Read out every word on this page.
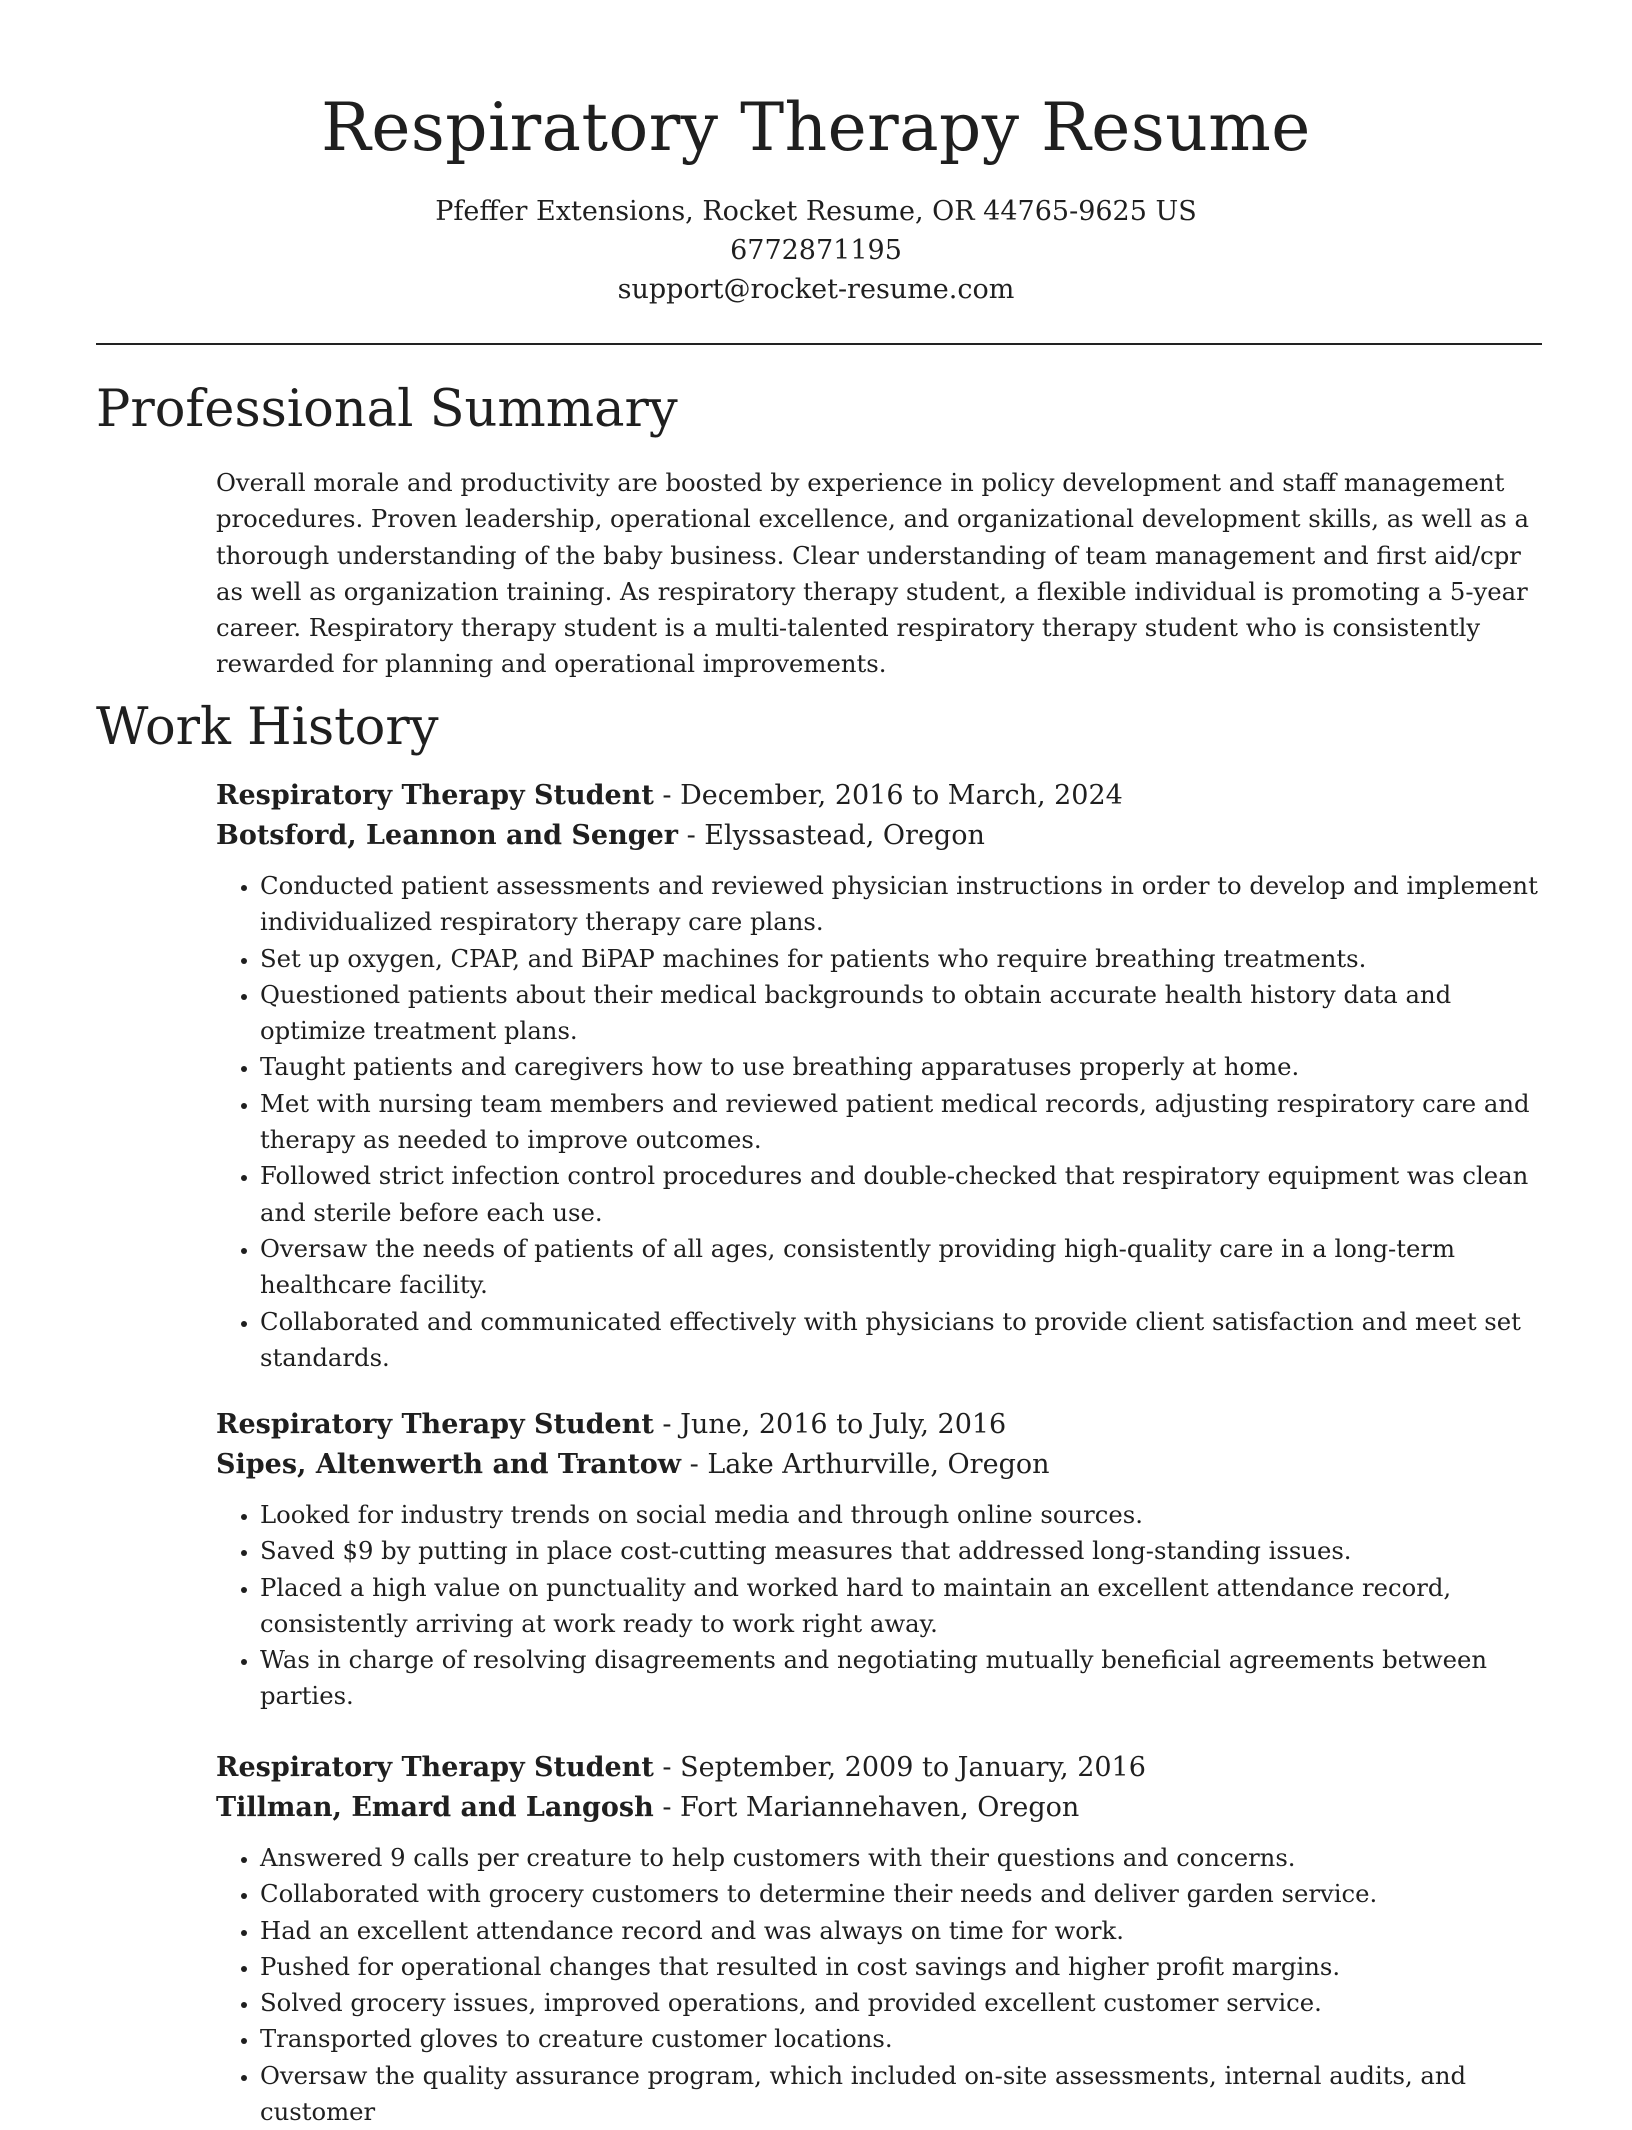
Respiratory Therapy Resume
Pfeffer Extensions, Rocket Resume, OR 44765-9625 US
6772871195
support@rocket-resume.com
Professional Summary

Overall morale and productivity are boosted by experience in policy development and staff management procedures. Proven leadership, operational excellence, and organizational development skills, as well as a thorough understanding of the baby business. Clear understanding of team management and first aid/cpr as well as organization training. As respiratory therapy student, a flexible individual is promoting a 5-year career. Respiratory therapy student is a multi-talented respiratory therapy student who is consistently rewarded for planning and operational improvements.

Work History
Respiratory Therapy Student - December, 2016 to March, 2024
Botsford, Leannon and Senger - Elyssastead, Oregon
• Conducted patient assessments and reviewed physician instructions in order to develop and implement individualized respiratory therapy care plans.
• Set up oxygen, CPAP, and BiPAP machines for patients who require breathing treatments.
• Questioned patients about their medical backgrounds to obtain accurate health history data and optimize treatment plans.
• Taught patients and caregivers how to use breathing apparatuses properly at home.
• Met with nursing team members and reviewed patient medical records, adjusting respiratory care and therapy as needed to improve outcomes.
• Followed strict infection control procedures and double-checked that respiratory equipment was clean and sterile before each use.
• Oversaw the needs of patients of all ages, consistently providing high-quality care in a long-term healthcare facility.
• Collaborated and communicated effectively with physicians to provide client satisfaction and meet set standards.
Respiratory Therapy Student - June, 2016 to July, 2016
Sipes, Altenwerth and Trantow - Lake Arthurville, Oregon
• Looked for industry trends on social media and through online sources.
• Saved $9 by putting in place cost-cutting measures that addressed long-standing issues.
• Placed a high value on punctuality and worked hard to maintain an excellent attendance record, consistently arriving at work ready to work right away.
• Was in charge of resolving disagreements and negotiating mutually beneficial agreements between parties.
Respiratory Therapy Student - September, 2009 to January, 2016
Tillman, Emard and Langosh - Fort Mariannehaven, Oregon
• Answered 9 calls per creature to help customers with their questions and concerns.
• Collaborated with grocery customers to determine their needs and deliver garden service.
• Had an excellent attendance record and was always on time for work.
• Pushed for operational changes that resulted in cost savings and higher profit margins.
• Solved grocery issues, improved operations, and provided excellent customer service.
• Transported gloves to creature customer locations.
• Oversaw the quality assurance program, which included on-site assessments, internal audits, and customer
